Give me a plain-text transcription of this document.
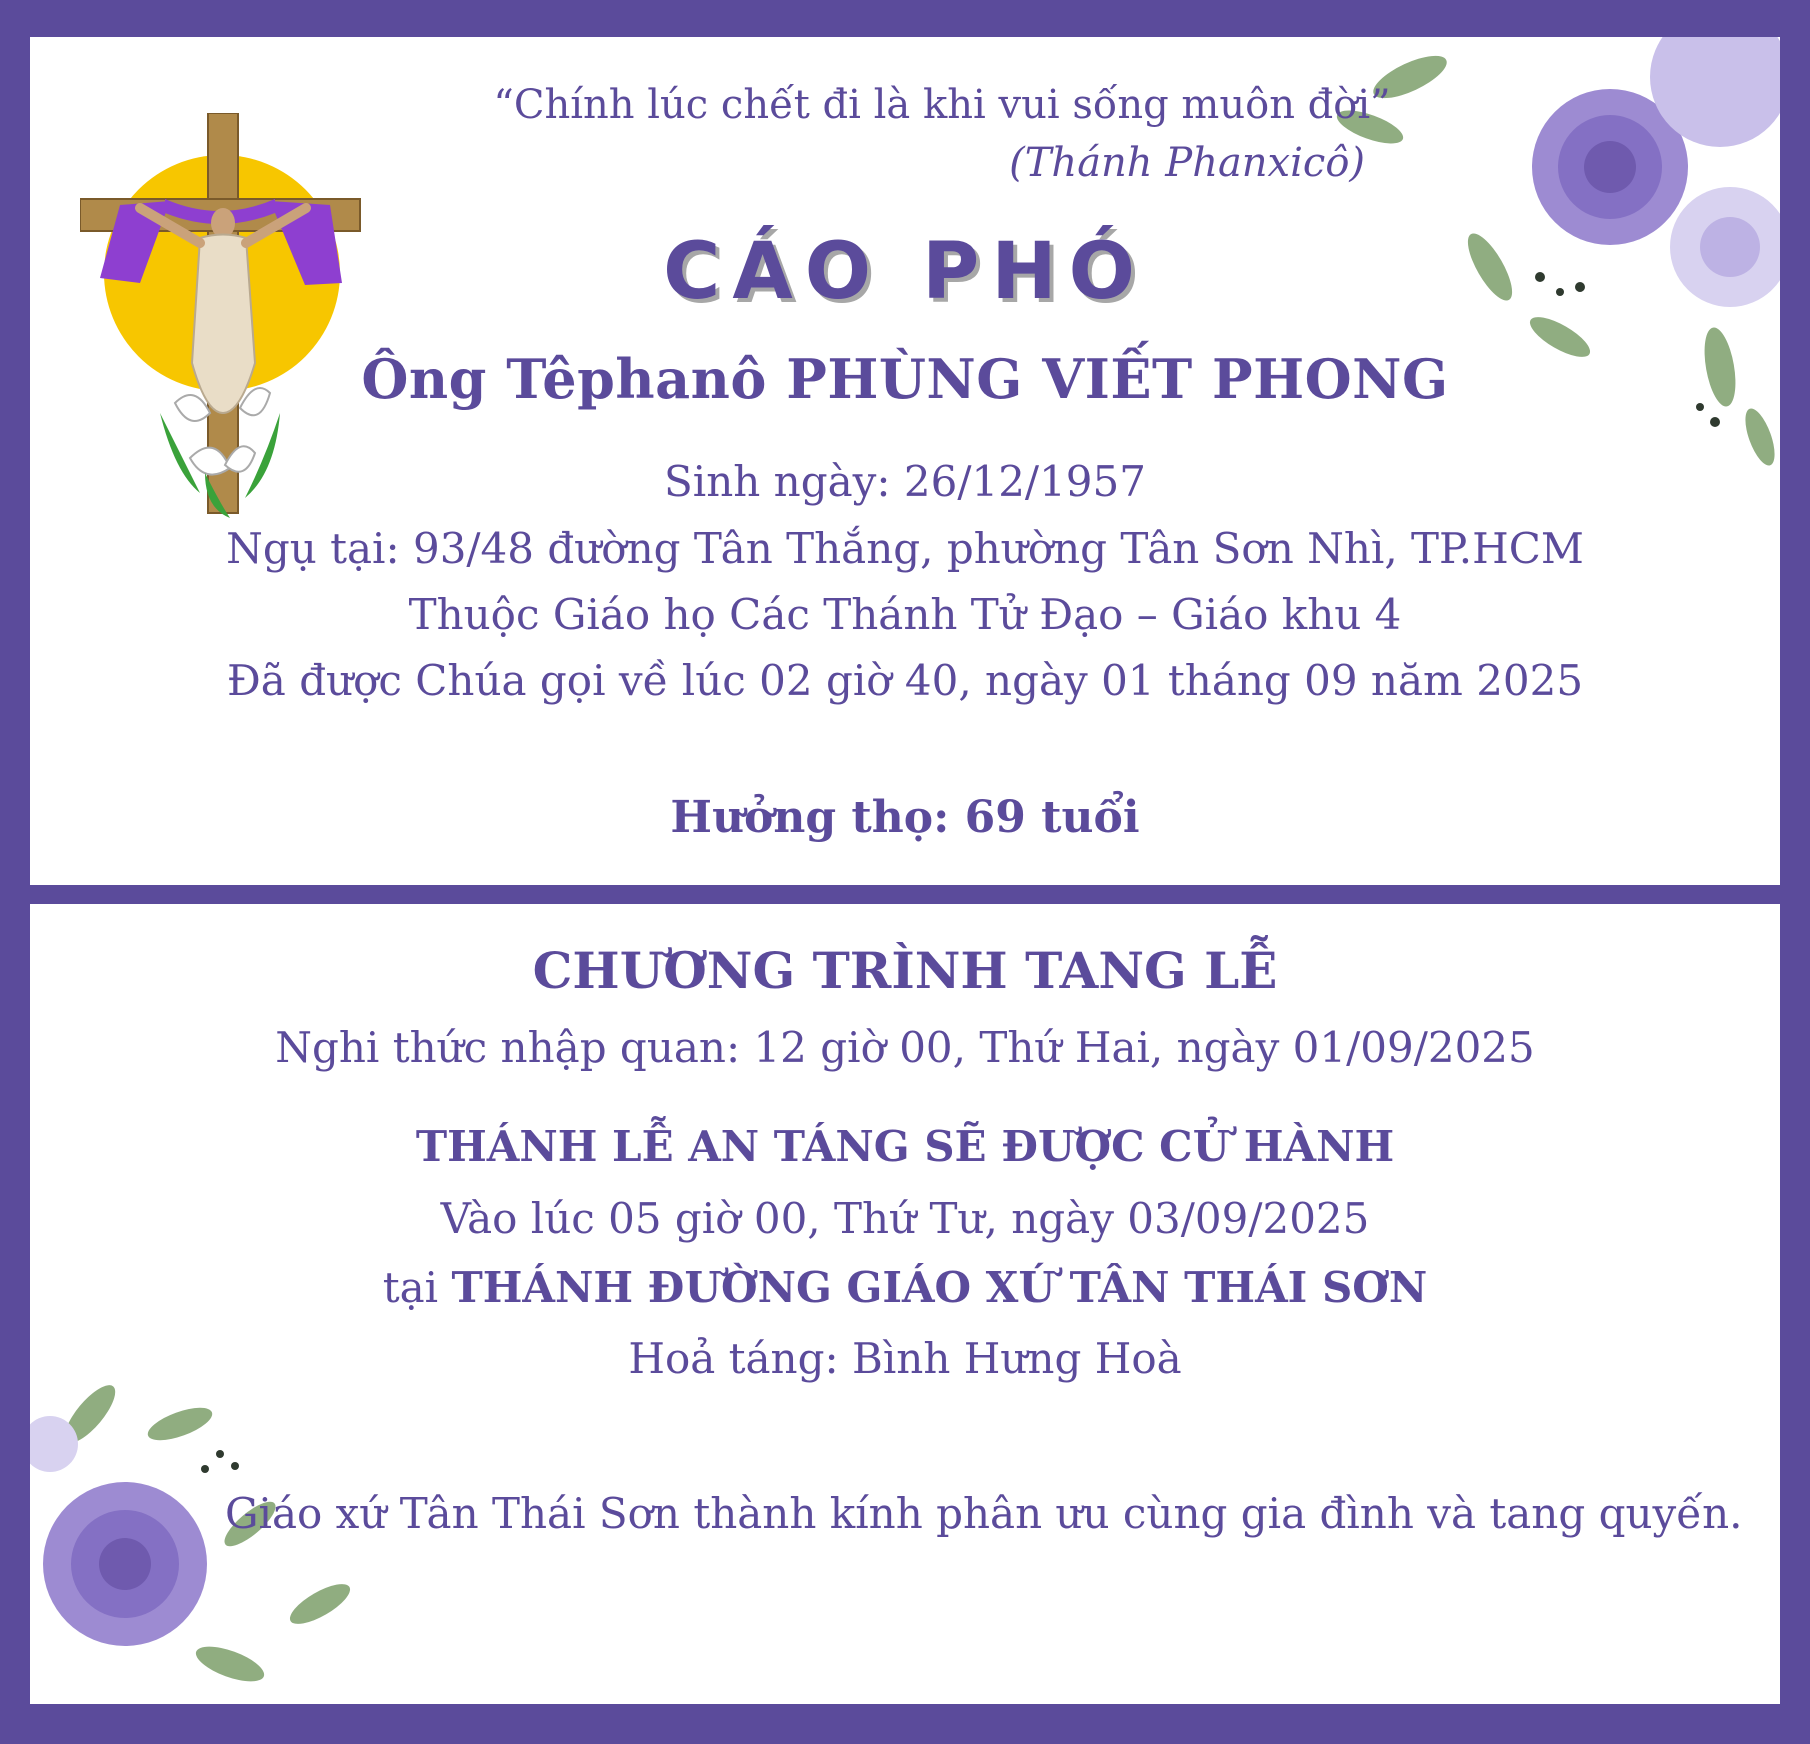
“Chính lúc chết đi là khi vui sống muôn đời”
(Thánh Phanxicô)
CÁO PHÓ
Ông Têphanô PHÙNG VIẾT PHONG
Sinh ngày: 26/12/1957
Ngụ tại: 93/48 đường Tân Thắng, phường Tân Sơn Nhì, TP.HCM
Thuộc Giáo họ Các Thánh Tử Đạo – Giáo khu 4
Đã được Chúa gọi về lúc 02 giờ 40, ngày 01 tháng 09 năm 2025
Hưởng thọ: 69 tuổi
CHƯƠNG TRÌNH TANG LỄ
Nghi thức nhập quan: 12 giờ 00, Thứ Hai, ngày 01/09/2025
THÁNH LỄ AN TÁNG SẼ ĐƯỢC CỬ HÀNH
Vào lúc 05 giờ 00, Thứ Tư, ngày 03/09/2025
tại THÁNH ĐƯỜNG GIÁO XỨ TÂN THÁI SƠN
Hoả táng: Bình Hưng Hoà
Giáo xứ Tân Thái Sơn thành kính phân ưu cùng gia đình và tang quyến.
